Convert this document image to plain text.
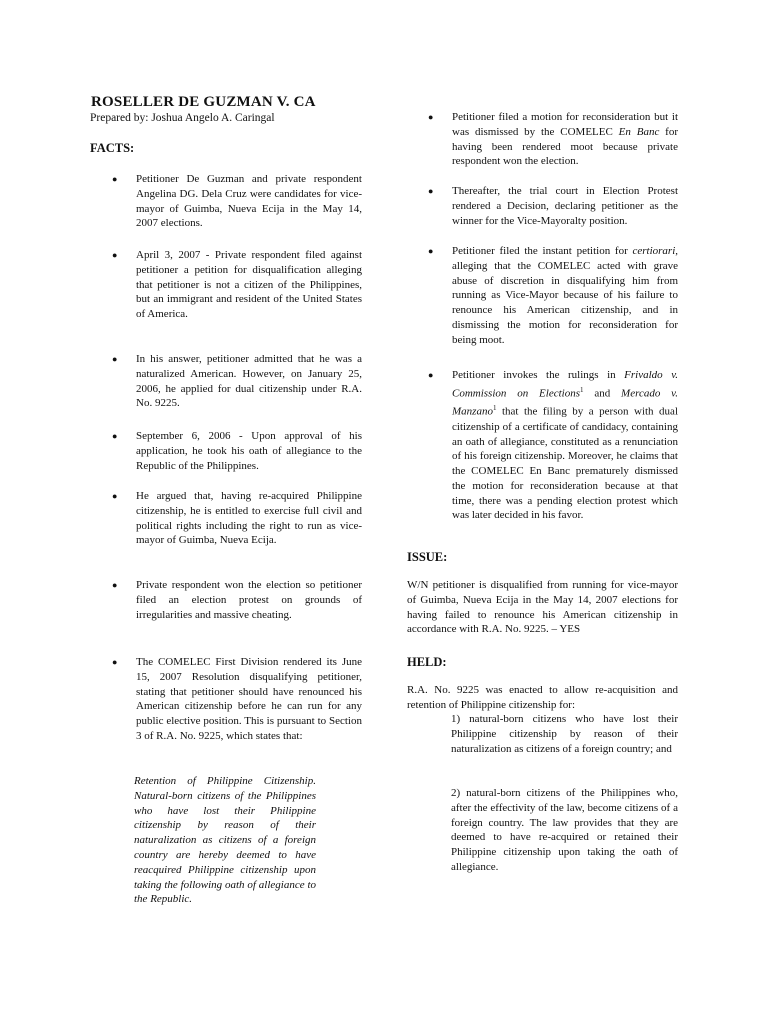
ROSELLER DE GUZMAN V. CA
Prepared by: Joshua Angelo A. Caringal
FACTS:
● Petitioner De Guzman and private respondent Angelina DG. Dela Cruz were candidates for vice-mayor of Guimba, Nueva Ecija in the May 14, 2007 elections.
● April 3, 2007 - Private respondent filed against petitioner a petition for disqualification alleging that petitioner is not a citizen of the Philippines, but an immigrant and resident of the United States of America.
● In his answer, petitioner admitted that he was a naturalized American. However, on January 25, 2006, he applied for dual citizenship under R.A. No. 9225.
● September 6, 2006 - Upon approval of his application, he took his oath of allegiance to the Republic of the Philippines.
● He argued that, having re-acquired Philippine citizenship, he is entitled to exercise full civil and political rights including the right to run as vice-mayor of Guimba, Nueva Ecija.
● Private respondent won the election so petitioner filed an election protest on grounds of irregularities and massive cheating.
● The COMELEC First Division rendered its June 15, 2007 Resolution disqualifying petitioner, stating that petitioner should have renounced his American citizenship before he can run for any public elective position. This is pursuant to Section 3 of R.A. No. 9225, which states that:
Retention of Philippine Citizenship. Natural-born citizens of the Philippines who have lost their Philippine citizenship by reason of their naturalization as citizens of a foreign country are hereby deemed to have reacquired Philippine citizenship upon taking the following oath of allegiance to the Republic.
● Petitioner filed a motion for reconsideration but it was dismissed by the COMELEC En Banc for having been rendered moot because private respondent won the election.
● Thereafter, the trial court in Election Protest rendered a Decision, declaring petitioner as the winner for the Vice-Mayoralty position.
● Petitioner filed the instant petition for certiorari, alleging that the COMELEC acted with grave abuse of discretion in disqualifying him from running as Vice-Mayor because of his failure to renounce his American citizenship, and in dismissing the motion for reconsideration for being moot.
● Petitioner invokes the rulings in Frivaldo v. Commission on Elections$^1$ and Mercado v. Manzano$^1$ that the filing by a person with dual citizenship of a certificate of candidacy, containing an oath of allegiance, constituted as a renunciation of his foreign citizenship. Moreover, he claims that the COMELEC En Banc prematurely dismissed the motion for reconsideration because at that time, there was a pending election protest which was later decided in his favor.
ISSUE:
W/N petitioner is disqualified from running for vice-mayor of Guimba, Nueva Ecija in the May 14, 2007 elections for having failed to renounce his American citizenship in accordance with R.A. No. 9225. – YES
HELD:
R.A. No. 9225 was enacted to allow re-acquisition and retention of Philippine citizenship for:
1) natural-born citizens who have lost their Philippine citizenship by reason of their naturalization as citizens of a foreign country; and
2) natural-born citizens of the Philippines who, after the effectivity of the law, become citizens of a foreign country. The law provides that they are deemed to have re-acquired or retained their Philippine citizenship upon taking the oath of allegiance.
